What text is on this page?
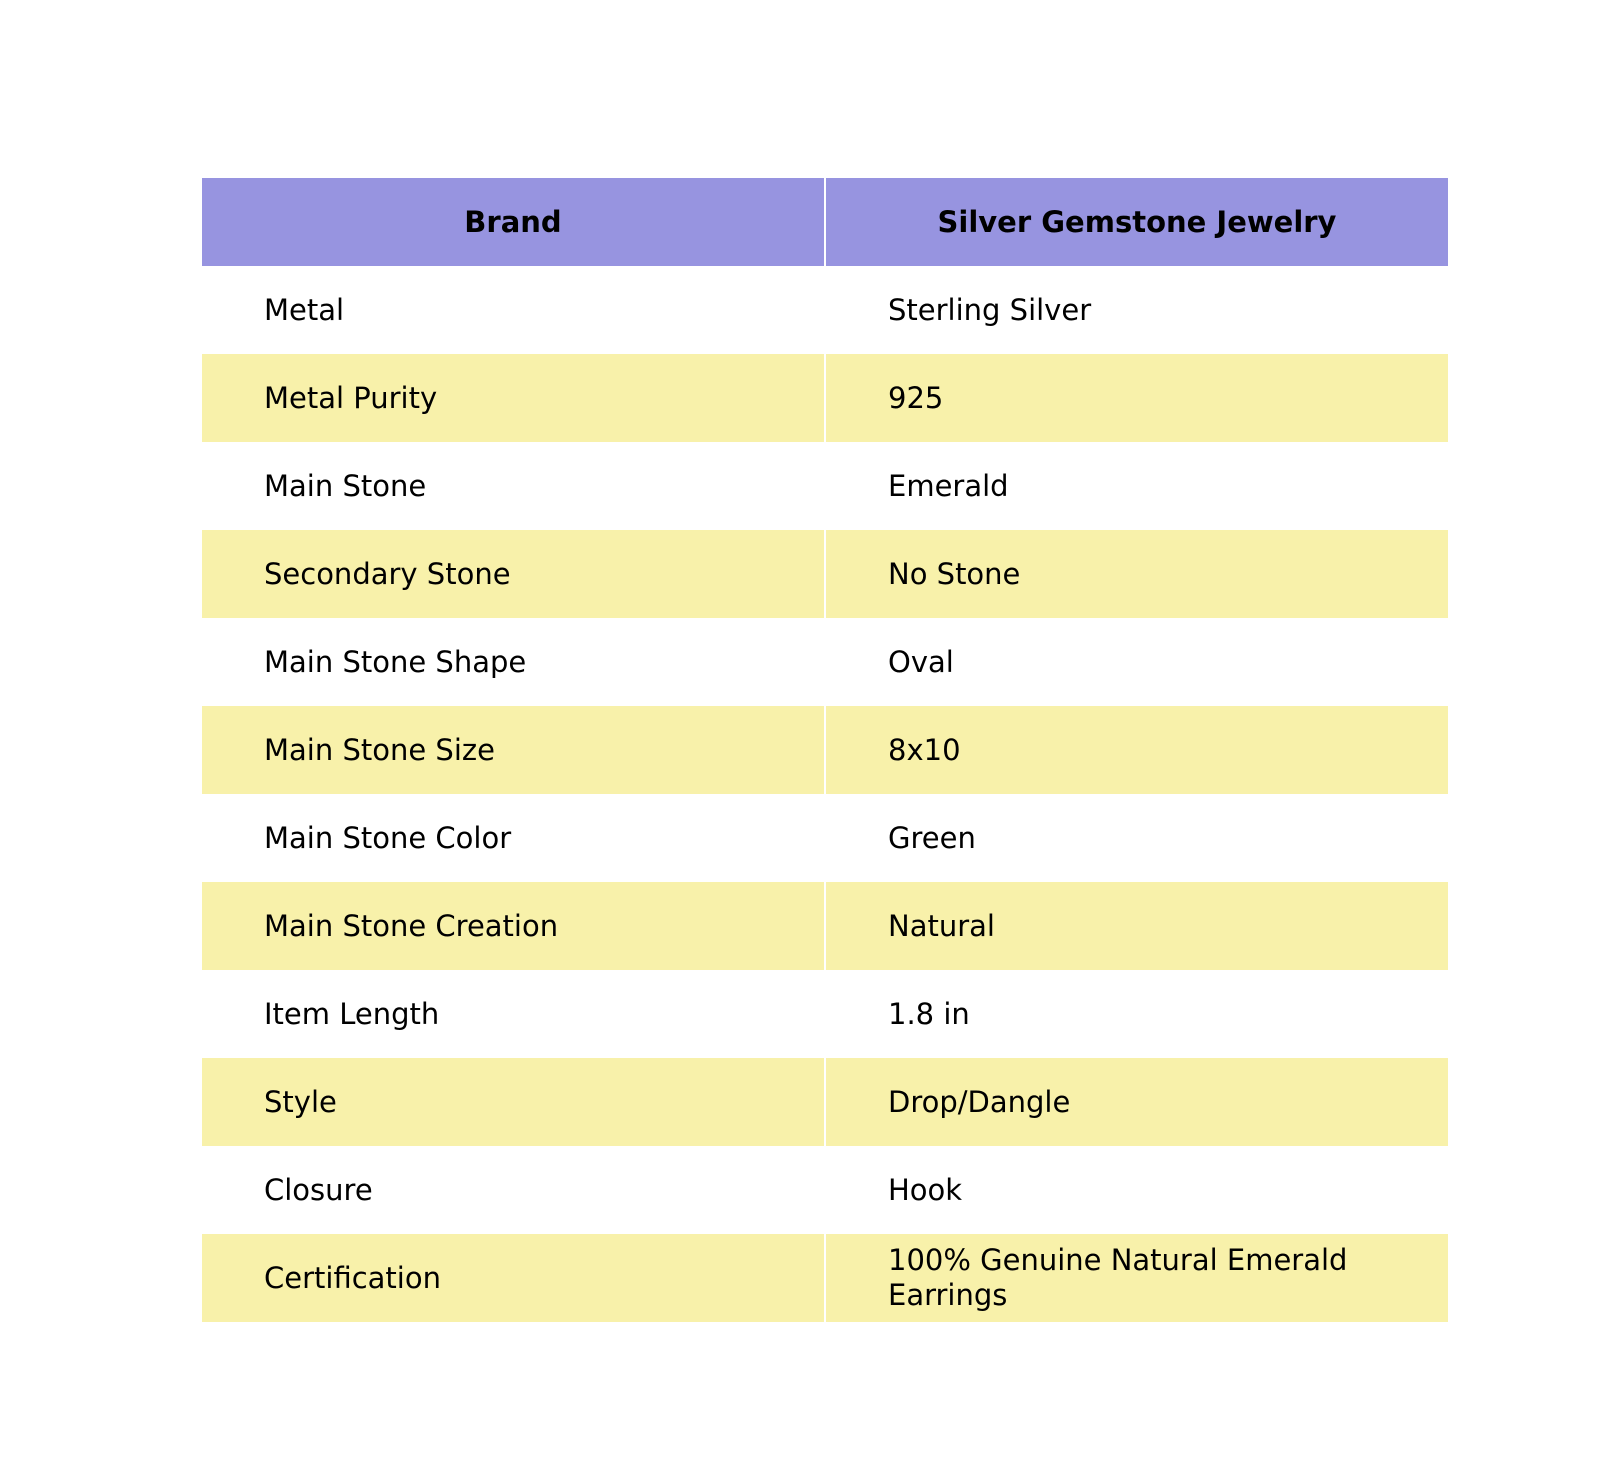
Brand	Silver Gemstone Jewelry
Metal	Sterling Silver
Metal Purity	925
Main Stone	Emerald
Secondary Stone	No Stone
Main Stone Shape	Oval
Main Stone Size	8x10
Main Stone Color	Green
Main Stone Creation	Natural
Item Length	1.8 in
Style	Drop/Dangle
Closure	Hook
Certification	100% Genuine Natural Emerald Earrings
